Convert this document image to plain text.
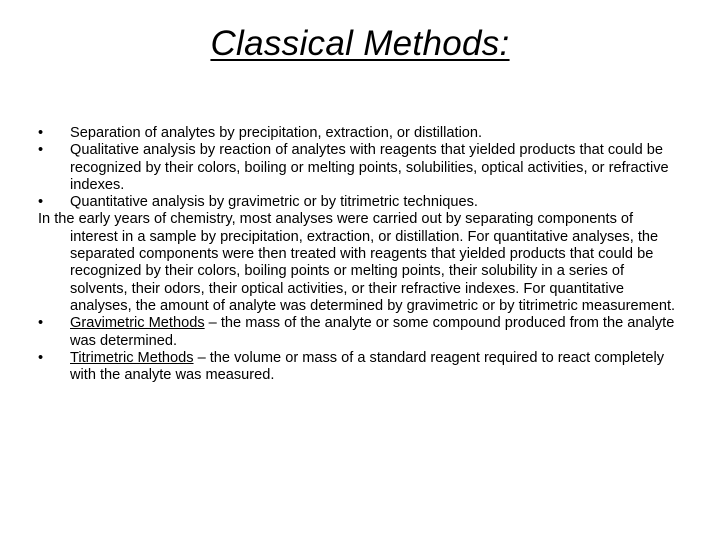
Classical Methods:
•	Separation of analytes by precipitation, extraction, or distillation.
•	Qualitative analysis by reaction of analytes with reagents that yielded products that could be recognized by their colors, boiling or melting points, solubilities, optical activities, or refractive indexes.
•	Quantitative analysis by gravimetric or by titrimetric techniques.
In the early years of chemistry, most analyses were carried out by separating components of interest in a sample by precipitation, extraction, or distillation. For quantitative analyses, the separated components were then treated with reagents that yielded products that could be recognized by their colors, boiling points or melting points, their solubility in a series of solvents, their odors, their optical activities, or their refractive indexes. For quantitative analyses, the amount of analyte was determined by gravimetric or by titrimetric measurement.
•	Gravimetric Methods – the mass of the analyte or some compound produced from the analyte was determined.
•	Titrimetric Methods – the volume or mass of a standard reagent required to react completely with the analyte was measured.
